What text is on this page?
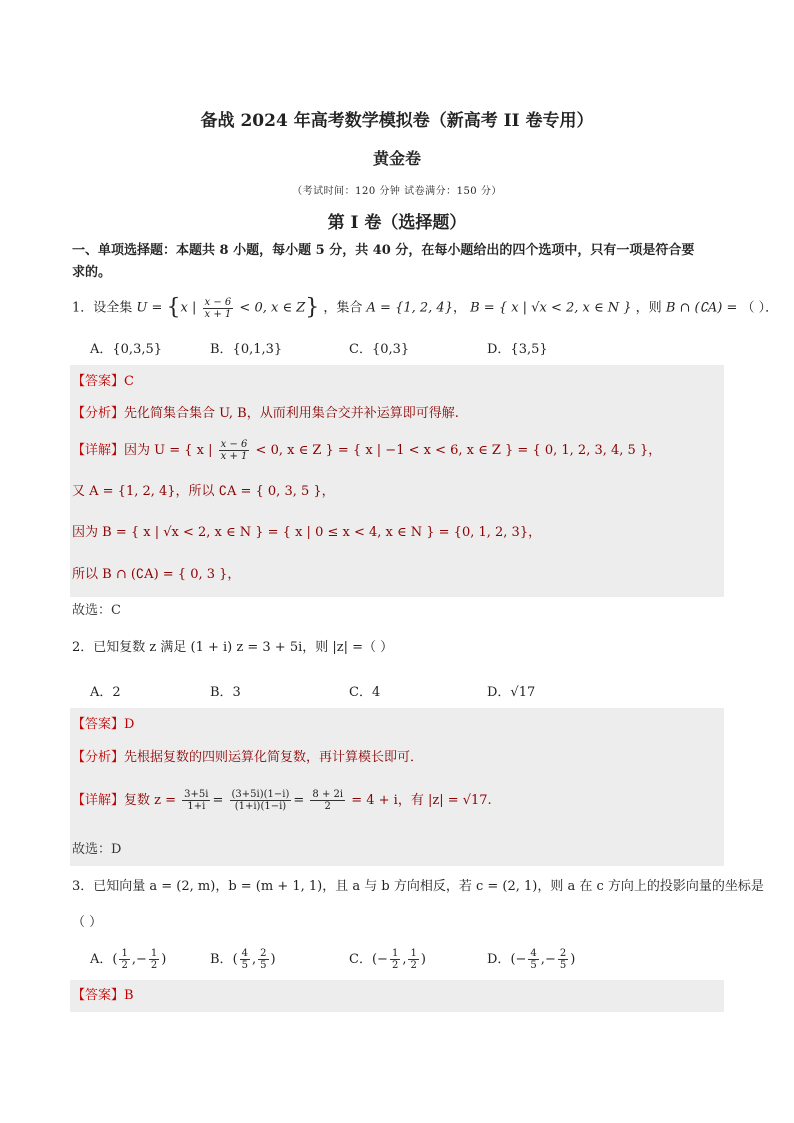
备战 2024 年高考数学模拟卷（新高考 II 卷专用）
黄金卷
（考试时间：120 分钟 试卷满分：150 分）
第 I 卷（选择题）
一、单项选择题：本题共 8 小题，每小题 5 分，共 40 分，在每小题给出的四个选项中，只有一项是符合要
求的。
1．设全集 U = {x | $\frac{x - 6}{x + 1} < 0$, x ∈ Z} ，集合 A = {1, 2, 4}， B = { x | √x < 2, x ∈ N } ，则 B ∩ (∁A) = （ ）．
A．{0,3,5}	B．{0,1,3}	C．{0,3}	D．{3,5}
【答案】C
【分析】先化简集合集合 U, B，从而利用集合交并补运算即可得解.
【详解】因为 U = { x | $\frac{x - 6}{x + 1} < 0$, x ∈ Z } = { x | −1 < x < 6, x ∈ Z } = { 0, 1, 2, 3, 4, 5 }，
又 A = {1, 2, 4}，所以 ∁A = { 0, 3, 5 }，
因为 B = { x | √x < 2, x ∈ N } = { x | 0 ≤ x < 4, x ∈ N } = {0, 1, 2, 3}，
所以 B ∩ (∁A) = { 0, 3 }，
故选：C
2．已知复数 z 满足 (1 + i) z = 3 + 5i，则 |z| =（ ）
A．2	B．3	C．4	D．√17
【答案】D
【分析】先根据复数的四则运算化简复数，再计算模长即可．
【详解】复数 $z = \frac{3+5i}{1+i} = \frac{(3+5i)(1-i)}{(1+i)(1-i)} = \frac{8 + 2i}{2} = 4 + i$，有 |z| = √17.
故选：D
3．已知向量 a = (2, m)，b = (m + 1, 1)，且 a 与 b 方向相反，若 c = (2, 1)，则 a 在 c 方向上的投影向量的坐标是
（ ）
A．( $\frac{1}{2}$ ,− $\frac{1}{2}$ )	B．( $\frac{4}{5}$ , $\frac{2}{5}$ )	C．(− $\frac{1}{2}$ , $\frac{1}{2}$ )	D．(− $\frac{4}{5}$ ,− $\frac{2}{5}$ )
【答案】B
